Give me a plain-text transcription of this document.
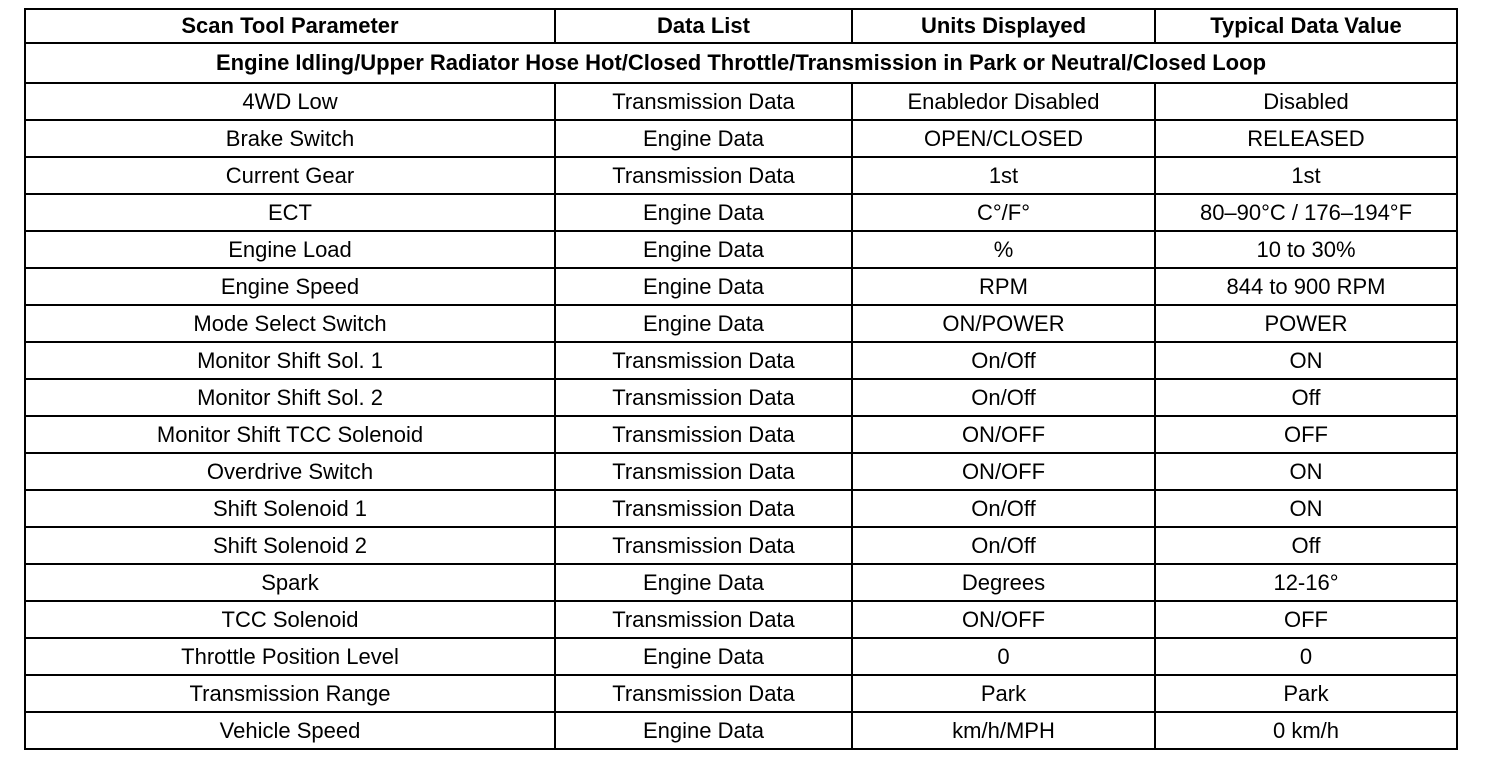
Scan Tool Parameter	Data List	Units Displayed	Typical Data Value
Engine Idling/Upper Radiator Hose Hot/Closed Throttle/Transmission in Park or Neutral/Closed Loop			
4WD Low	Transmission Data	Enabledor Disabled	Disabled
Brake Switch	Engine Data	OPEN/CLOSED	RELEASED
Current Gear	Transmission Data	1st	1st
ECT	Engine Data	C°/F°	80–90°C / 176–194°F
Engine Load	Engine Data	%	10 to 30%
Engine Speed	Engine Data	RPM	844 to 900 RPM
Mode Select Switch	Engine Data	ON/POWER	POWER
Monitor Shift Sol. 1	Transmission Data	On/Off	ON
Monitor Shift Sol. 2	Transmission Data	On/Off	Off
Monitor Shift TCC Solenoid	Transmission Data	ON/OFF	OFF
Overdrive Switch	Transmission Data	ON/OFF	ON
Shift Solenoid 1	Transmission Data	On/Off	ON
Shift Solenoid 2	Transmission Data	On/Off	Off
Spark	Engine Data	Degrees	12-16°
TCC Solenoid	Transmission Data	ON/OFF	OFF
Throttle Position Level	Engine Data	0	0
Transmission Range	Transmission Data	Park	Park
Vehicle Speed	Engine Data	km/h/MPH	0 km/h
